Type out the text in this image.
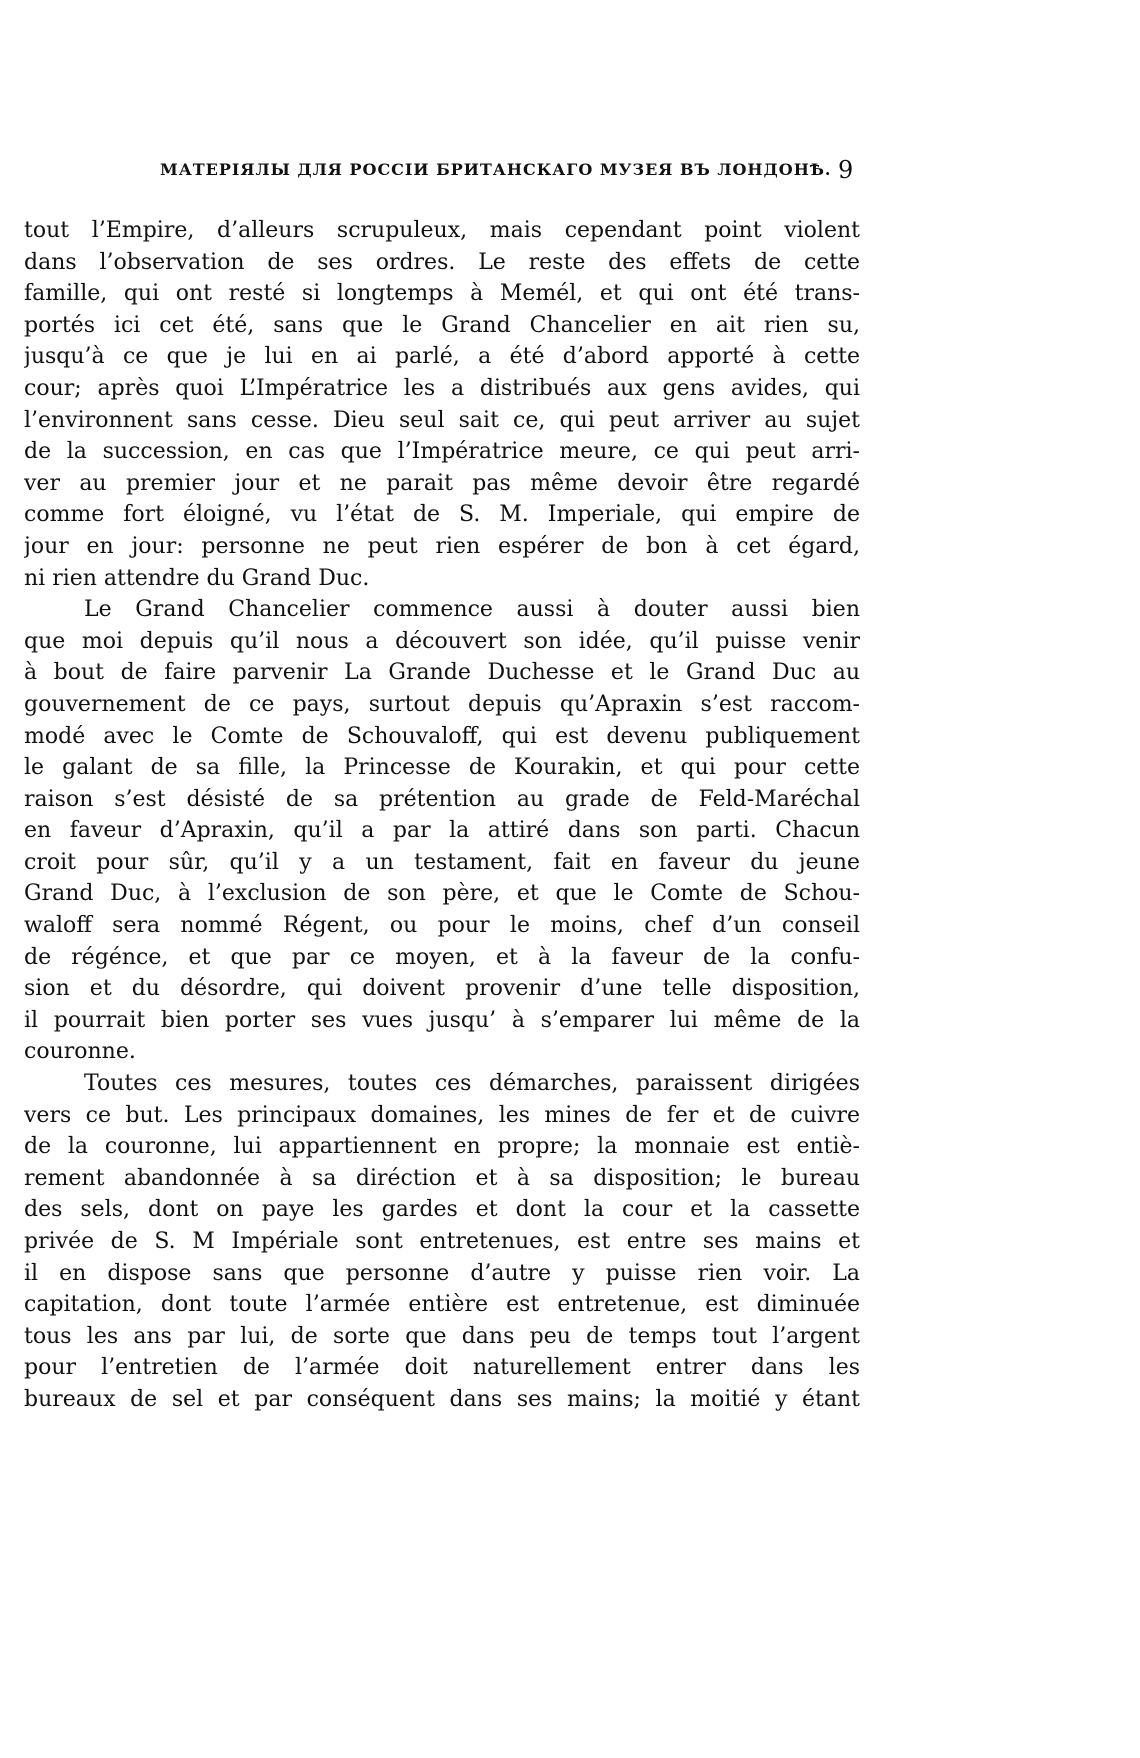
МАТЕРІЯЛЫ ДЛЯ РОССІИ БРИТАНСКАГО МУЗЕЯ ВЪ ЛОНДОНѢ. 9
tout l’Empire, d’alleurs scrupuleux, mais cependant point violent
dans l’observation de ses ordres. Le reste des effets de cette
famille, qui ont resté si longtemps à Memél, et qui ont été trans-
portés ici cet été, sans que le Grand Chancelier en ait rien su,
jusqu’à ce que je lui en ai parlé, a été d’abord apporté à cette
cour; après quoi L’Impératrice les a distribués aux gens avides, qui
l’environnent sans cesse. Dieu seul sait ce, qui peut arriver au sujet
de la succession, en cas que l’Impératrice meure, ce qui peut arri-
ver au premier jour et ne parait pas même devoir être regardé
comme fort éloigné, vu l’état de S. M. Imperiale, qui empire de
jour en jour: personne ne peut rien espérer de bon à cet égard,
ni rien attendre du Grand Duc.
Le Grand Chancelier commence aussi à douter aussi bien
que moi depuis qu’il nous a découvert son idée, qu’il puisse venir
à bout de faire parvenir La Grande Duchesse et le Grand Duc au
gouvernement de ce pays, surtout depuis qu’Apraxin s’est raccom-
modé avec le Comte de Schouvaloff, qui est devenu publiquement
le galant de sa fille, la Princesse de Kourakin, et qui pour cette
raison s’est désisté de sa prétention au grade de Feld-Maréchal
en faveur d’Apraxin, qu’il a par la attiré dans son parti. Chacun
croit pour sûr, qu’il y a un testament, fait en faveur du jeune
Grand Duc, à l’exclusion de son père, et que le Comte de Schou-
waloff sera nommé Régent, ou pour le moins, chef d’un conseil
de régénce, et que par ce moyen, et à la faveur de la confu-
sion et du désordre, qui doivent provenir d’une telle disposition,
il pourrait bien porter ses vues jusqu’ à s’emparer lui même de la
couronne.
Toutes ces mesures, toutes ces démarches, paraissent dirigées
vers ce but. Les principaux domaines, les mines de fer et de cuivre
de la couronne, lui appartiennent en propre; la monnaie est entiè-
rement abandonnée à sa diréction et à sa disposition; le bureau
des sels, dont on paye les gardes et dont la cour et la cassette
privée de S. M Impériale sont entretenues, est entre ses mains et
il en dispose sans que personne d’autre y puisse rien voir. La
capitation, dont toute l’armée entière est entretenue, est diminuée
tous les ans par lui, de sorte que dans peu de temps tout l’argent
pour l’entretien de l’armée doit naturellement entrer dans les
bureaux de sel et par conséquent dans ses mains; la moitié y étant
